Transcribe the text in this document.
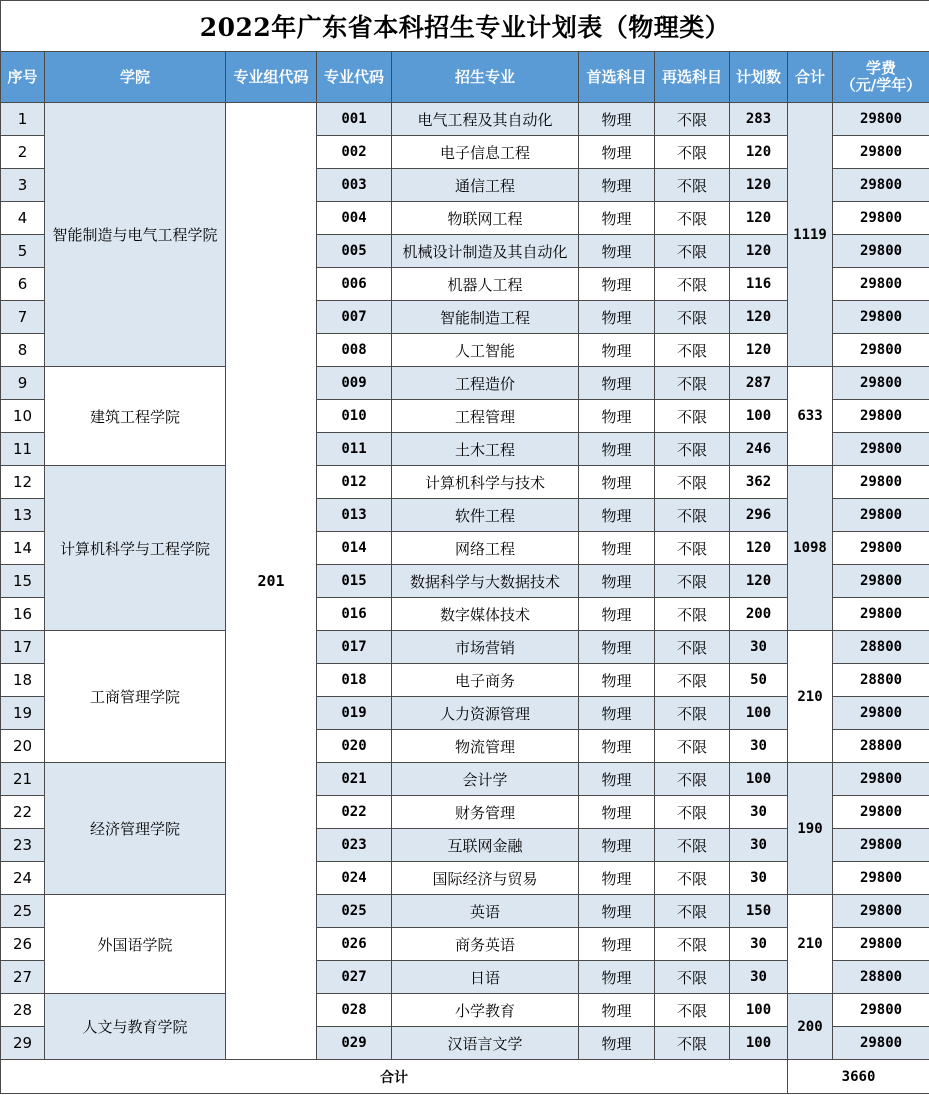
2022年广东省本科招生专业计划表（物理类）									
序号	学院	专业组代码	专业代码	招生专业	首选科目	再选科目	计划数	合计	学费
（元/学年）
1	智能制造与电气工程学院	201	001	电气工程及其自动化	物理	不限	283	1119	29800
2			002	电子信息工程	物理	不限	120		29800
3			003	通信工程	物理	不限	120		29800
4			004	物联网工程	物理	不限	120		29800
5			005	机械设计制造及其自动化	物理	不限	120		29800
6			006	机器人工程	物理	不限	116		29800
7			007	智能制造工程	物理	不限	120		29800
8			008	人工智能	物理	不限	120		29800
9	建筑工程学院		009	工程造价	物理	不限	287	633	29800
10			010	工程管理	物理	不限	100		29800
11			011	土木工程	物理	不限	246		29800
12	计算机科学与工程学院		012	计算机科学与技术	物理	不限	362	1098	29800
13			013	软件工程	物理	不限	296		29800
14			014	网络工程	物理	不限	120		29800
15			015	数据科学与大数据技术	物理	不限	120		29800
16			016	数字媒体技术	物理	不限	200		29800
17	工商管理学院		017	市场营销	物理	不限	30	210	28800
18			018	电子商务	物理	不限	50		28800
19			019	人力资源管理	物理	不限	100		29800
20			020	物流管理	物理	不限	30		28800
21	经济管理学院		021	会计学	物理	不限	100	190	29800
22			022	财务管理	物理	不限	30		29800
23			023	互联网金融	物理	不限	30		29800
24			024	国际经济与贸易	物理	不限	30		29800
25	外国语学院		025	英语	物理	不限	150	210	29800
26			026	商务英语	物理	不限	30		29800
27			027	日语	物理	不限	30		28800
28	人文与教育学院		028	小学教育	物理	不限	100	200	29800
29			029	汉语言文学	物理	不限	100		29800
合计								3660	
